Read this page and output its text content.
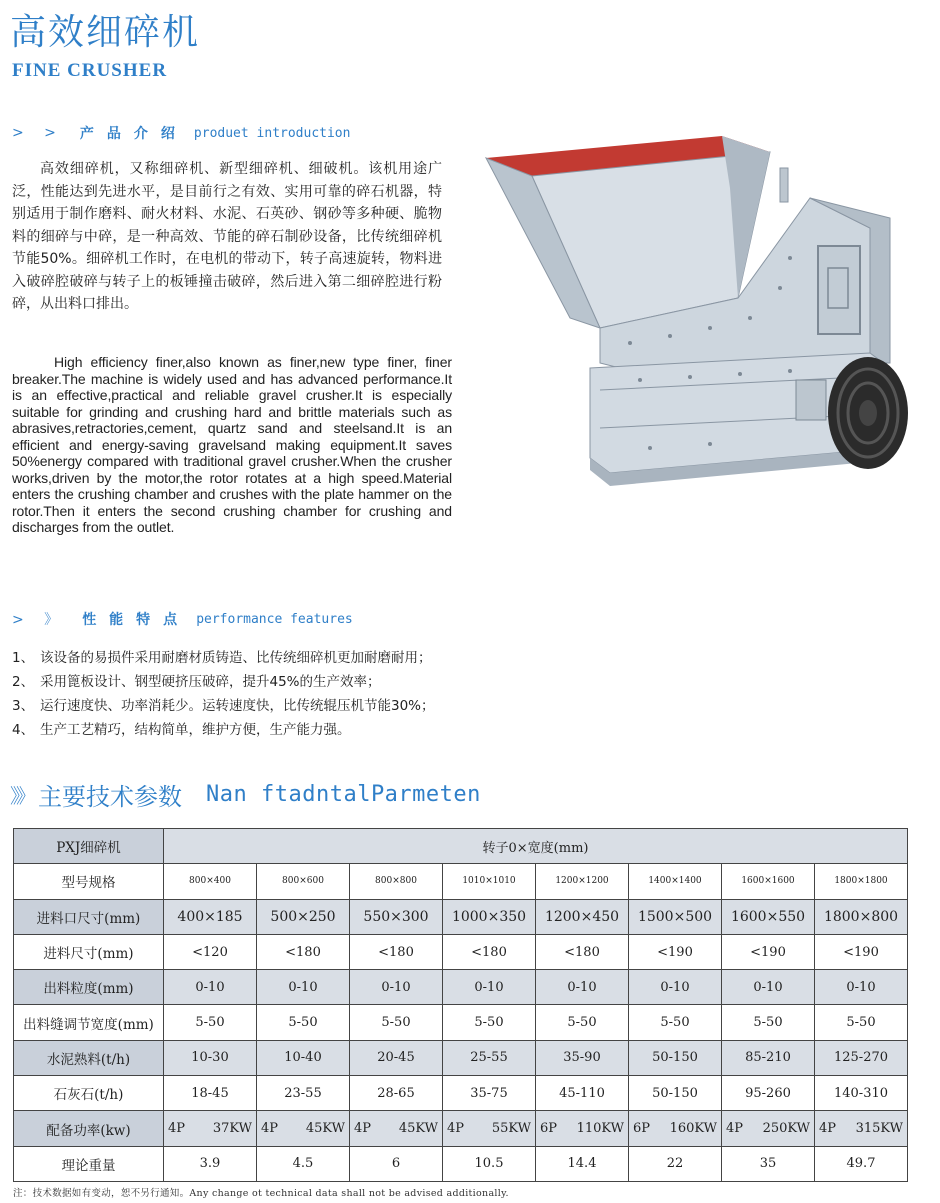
高效细碎机
FINE CRUSHER
> > 产品介绍 produet introduction

高效细碎机，又称细碎机、新型细碎机、细破机。该机用途广泛，性能达到先进水平，是目前行之有效、实用可靠的碎石机器，特别适用于制作磨料、耐火材料、水泥、石英砂、钢砂等多种硬、脆物料的细碎与中碎，是一种高效、节能的碎石制砂设备，比传统细碎机节能50%。细碎机工作时，在电机的带动下，转子高速旋转，物料进入破碎腔破碎与转子上的板锤撞击破碎，然后进入第二细碎腔进行粉碎，从出料口排出。

High efficiency finer,also known as finer,new type finer, finer breaker.The machine is widely used and has advanced performance.It is an effective,practical and reliable gravel crusher.It is especially suitable for grinding and crushing hard and brittle materials such as abrasives,retractories,cement, quartz sand and steelsand.It is an efficient and energy-saving gravelsand making equipment.It saves 50%energy compared with traditional gravel crusher.When the crusher works,driven by the motor,the rotor rotates at a high speed.Material enters the crushing chamber and crushes with the plate hammer on the rotor.Then it enters the second crushing chamber for crushing and discharges from the outlet.

> 》 性能特点 performance features
1、 该设备的易损件采用耐磨材质铸造、比传统细碎机更加耐磨耐用；
2、 采用篦板设计、钢型硬挤压破碎，提升45%的生产效率；
3、 运行速度快、功率消耗少。运转速度快，比传统辊压机节能30%；
4、 生产工艺精巧，结构简单，维护方便，生产能力强。
》》 主要技术参数 Nan ftadntalParmeten
PXJ细碎机	转子0×宽度(mm)							
型号规格	800×400	800×600	800×800	1010×1010	1200×1200	1400×1400	1600×1600	1800×1800
进料口尺寸(mm)	400×185	500×250	550×300	1000×350	1200×450	1500×500	1600×550	1800×800
进料尺寸(mm)	<120	<180	<180	<180	<180	<190	<190	<190
出料粒度(mm)	0-10	0-10	0-10	0-10	0-10	0-10	0-10	0-10
出料缝调节宽度(mm)	5-50	5-50	5-50	5-50	5-50	5-50	5-50	5-50
水泥熟料(t/h)	10-30	10-40	20-45	25-55	35-90	50-150	85-210	125-270
石灰石(t/h)	18-45	23-55	28-65	35-75	45-110	50-150	95-260	140-310
配备功率(kw)	4P 37KW	4P 45KW	4P 45KW	4P 55KW	6P 110KW	6P 160KW	4P 250KW	4P 315KW
理论重量	3.9	4.5	6	10.5	14.4	22	35	49.7
注：技术数据如有变动，恕不另行通知。Any change ot technical data shall not be advised additionally.
